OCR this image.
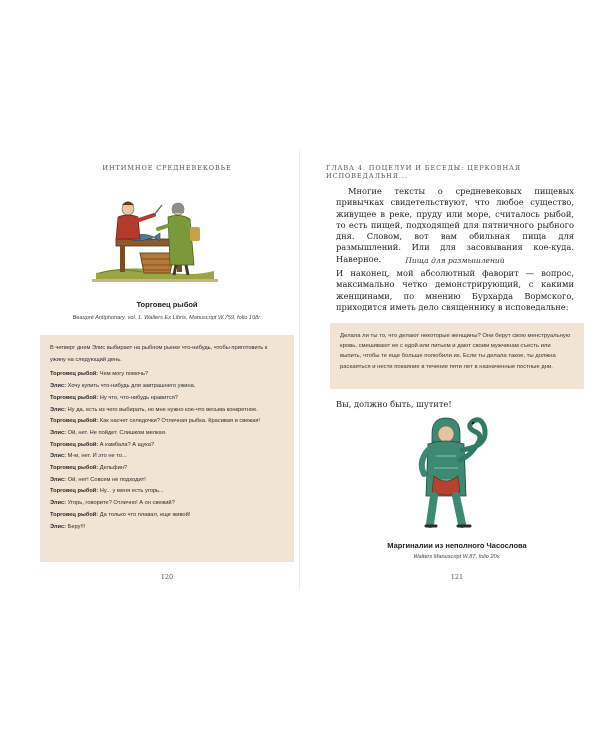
ИНТИМНОЕ СРЕДНЕВЕКОВЬЕ
Торговец рыбой
Beaupré Antiphonary, vol. 1. Walters Ex Libris. Manuscript W.759, folio 108r.

В четверг днем Элис выбирает на рыбном рынке что-нибудь, чтобы приготовить к ужину на следующий день.

Торговец рыбой: Чем могу помочь?

Элис: Хочу купить что-нибудь для завтрашнего ужина.

Торговец рыбой: Ну что, что-нибудь нравится?

Элис: Ну да, есть из чего выбирать, но мне нужно кое-что весьма конкретное.

Торговец рыбой: Как насчет селедочки? Отличная рыбка. Красивая и свежая!

Элис: Ой, нет. Не пойдет. Слишком мелкая.

Торговец рыбой: А камбала? А щука?

Элис: М-м, нет. И это не то...

Торговец рыбой: Дельфин?

Элис: Ой, нет! Совсем не подходит!

Торговец рыбой: Ну... у меня есть угорь...

Элис: Угорь, говорите? Отлично! А он свежий?

Торговец рыбой: Да только что плавал, еще живой!

Элис: Беру!!!

120
ГЛАВА 4. ПОЦЕЛУИ И БЕСЕДЫ: ЦЕРКОВНАЯ ИСПОВЕДАЛЬНЯ...

Многие тексты о средневековых пищевых привычках свидетельствуют, что любое существо, живущее в реке, пруду или море, считалось рыбой, то есть пищей, подходящей для пятничного рыбного дня. Словом, вот вам обильная пища для размышлений. Или для засовывания кое-куда. Наверное.	Пища для размышлений

И наконец, мой абсолютный фаворит — вопрос, максимально четко демонстрирующий, с какими женщинами, по мнению Бурхарда Вормского, приходится иметь дело священнику в исповедальне:

Делала ли ты то, что делают некоторые женщины? Они берут свою менструальную кровь, смешивают ее с едой или питьем и дают своим мужчинам съесть или выпить, чтобы те еще больше полюбили их. Если ты делала такое, ты должна раскаяться и нести покаяние в течение пяти лет в назначенные постные дни.
Вы, должно быть, шутите!
Маргиналии из неполного Часослова
Walters Manuscript W.87, folio 20v.
121
